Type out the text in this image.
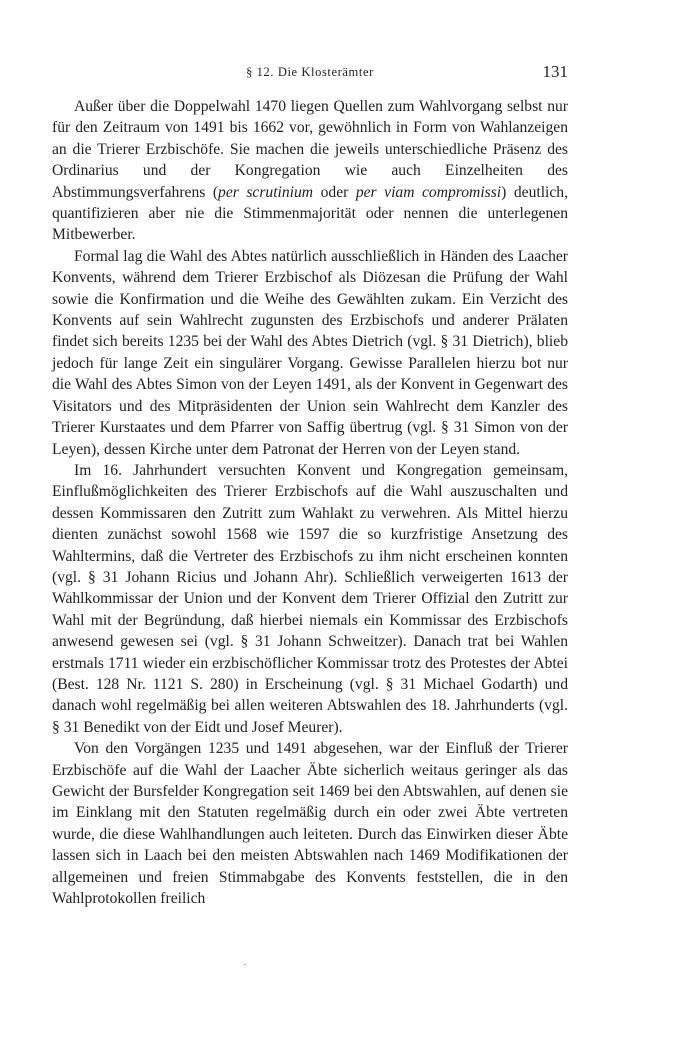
§ 12. Die Klosterämter	131

Außer über die Doppelwahl 1470 liegen Quellen zum Wahlvorgang selbst nur für den Zeitraum von 1491 bis 1662 vor, gewöhnlich in Form von Wahlanzeigen an die Trierer Erzbischöfe. Sie machen die jeweils unterschiedliche Präsenz des Ordinarius und der Kongregation wie auch Einzelheiten des Abstimmungsverfahrens (per scrutinium oder per viam compromissi) deutlich, quantifizieren aber nie die Stimmenmajorität oder nennen die unterlegenen Mitbewerber.

Formal lag die Wahl des Abtes natürlich ausschließlich in Händen des Laacher Konvents, während dem Trierer Erzbischof als Diözesan die Prüfung der Wahl sowie die Konfirmation und die Weihe des Gewählten zukam. Ein Verzicht des Konvents auf sein Wahlrecht zugunsten des Erzbischofs und anderer Prälaten findet sich bereits 1235 bei der Wahl des Abtes Dietrich (vgl. § 31 Dietrich), blieb jedoch für lange Zeit ein singulärer Vorgang. Gewisse Parallelen hierzu bot nur die Wahl des Abtes Simon von der Leyen 1491, als der Konvent in Gegenwart des Visitators und des Mitpräsidenten der Union sein Wahlrecht dem Kanzler des Trierer Kurstaates und dem Pfarrer von Saffig übertrug (vgl. § 31 Simon von der Leyen), dessen Kirche unter dem Patronat der Herren von der Leyen stand.

Im 16. Jahrhundert versuchten Konvent und Kongregation gemeinsam, Einflußmöglichkeiten des Trierer Erzbischofs auf die Wahl auszuschalten und dessen Kommissaren den Zutritt zum Wahlakt zu verwehren. Als Mittel hierzu dienten zunächst sowohl 1568 wie 1597 die so kurzfristige Ansetzung des Wahltermins, daß die Vertreter des Erzbischofs zu ihm nicht erscheinen konnten (vgl. § 31 Johann Ricius und Johann Ahr). Schließlich verweigerten 1613 der Wahlkommissar der Union und der Konvent dem Trierer Offizial den Zutritt zur Wahl mit der Begründung, daß hierbei niemals ein Kommissar des Erzbischofs anwesend gewesen sei (vgl. § 31 Johann Schweitzer). Danach trat bei Wahlen erstmals 1711 wieder ein erzbischöflicher Kommissar trotz des Protestes der Abtei (Best. 128 Nr. 1121 S. 280) in Erscheinung (vgl. § 31 Michael Godarth) und danach wohl regelmäßig bei allen weiteren Abtswahlen des 18. Jahrhunderts (vgl. § 31 Benedikt von der Eidt und Josef Meurer).

Von den Vorgängen 1235 und 1491 abgesehen, war der Einfluß der Trierer Erzbischöfe auf die Wahl der Laacher Äbte sicherlich weitaus geringer als das Gewicht der Bursfelder Kongregation seit 1469 bei den Abtswahlen, auf denen sie im Einklang mit den Statuten regelmäßig durch ein oder zwei Äbte vertreten wurde, die diese Wahlhandlungen auch leiteten. Durch das Einwirken dieser Äbte lassen sich in Laach bei den meisten Abtswahlen nach 1469 Modifikationen der allgemeinen und freien Stimmabgabe des Konvents feststellen, die in den Wahlprotokollen freilich
